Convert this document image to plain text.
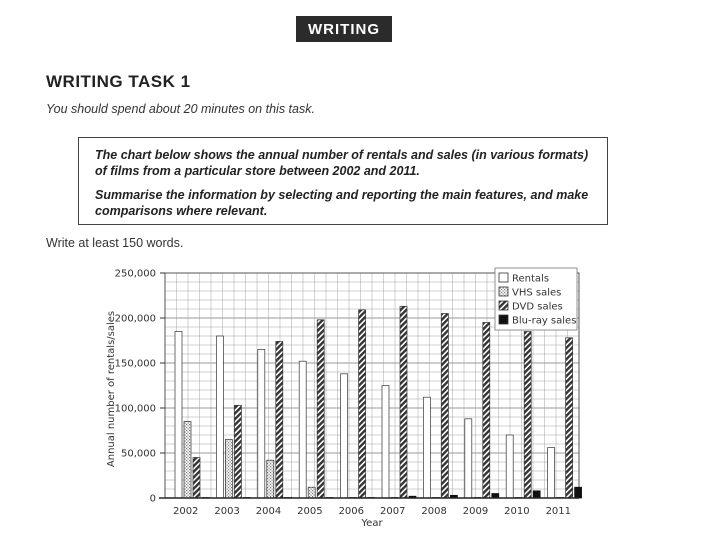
WRITING
WRITING TASK 1
You should spend about 20 minutes on this task.

The chart below shows the annual number of rentals and sales (in various formats) of films from a particular store between 2002 and 2011.

Summarise the information by selecting and reporting the main features, and make comparisons where relevant.

Write at least 150 words.
2002 2003 2004 2005 2006 2007 2008 2009 2010 2011
0
50,000
100,000
150,000
200,000
250,000
Annual number of rentals/sales
Year
Rentals
VHS sales
DVD sales
Blu-ray sales
